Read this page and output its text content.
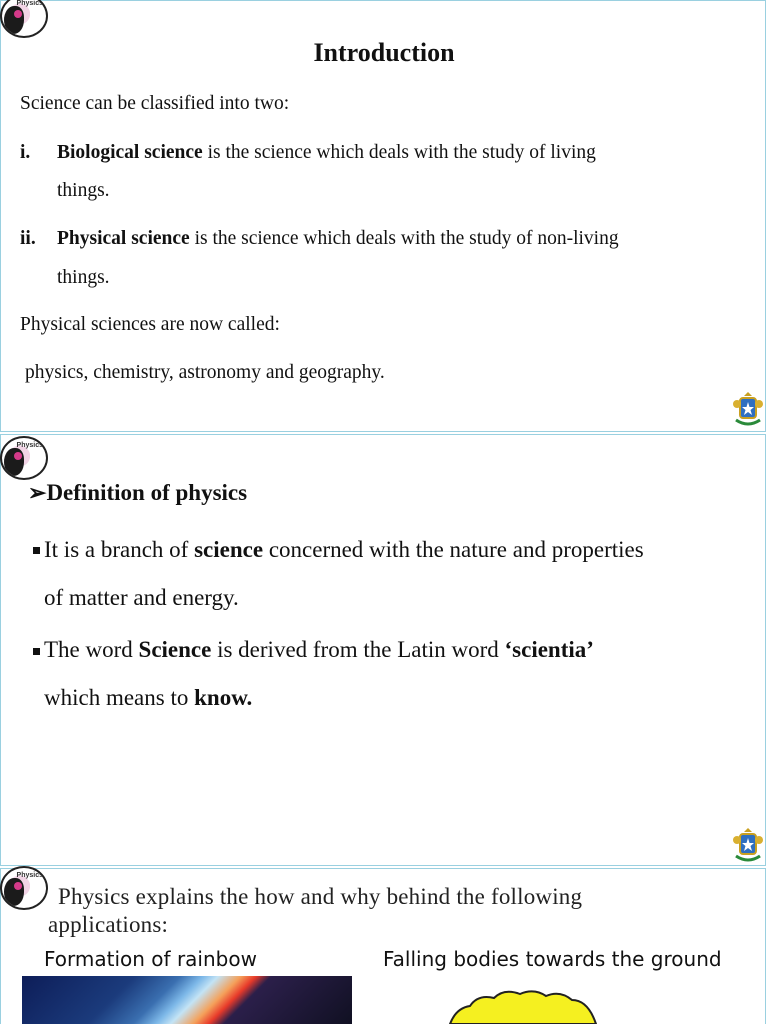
Physics
Introduction
Science can be classified into two:
i. Biological science is the science which deals with the study of living
things.
ii. Physical science is the science which deals with the study of non-living
things.
Physical sciences are now called:
physics, chemistry, astronomy and geography.
Physics
➢Definition of physics
It is a branch of science concerned with the nature and properties
of matter and energy.
The word Science is derived from the Latin word ‘scientia’
which means to know.
Physics
Physics explains the how and why behind the following
applications:
Formation of rainbow	Falling bodies towards the ground
